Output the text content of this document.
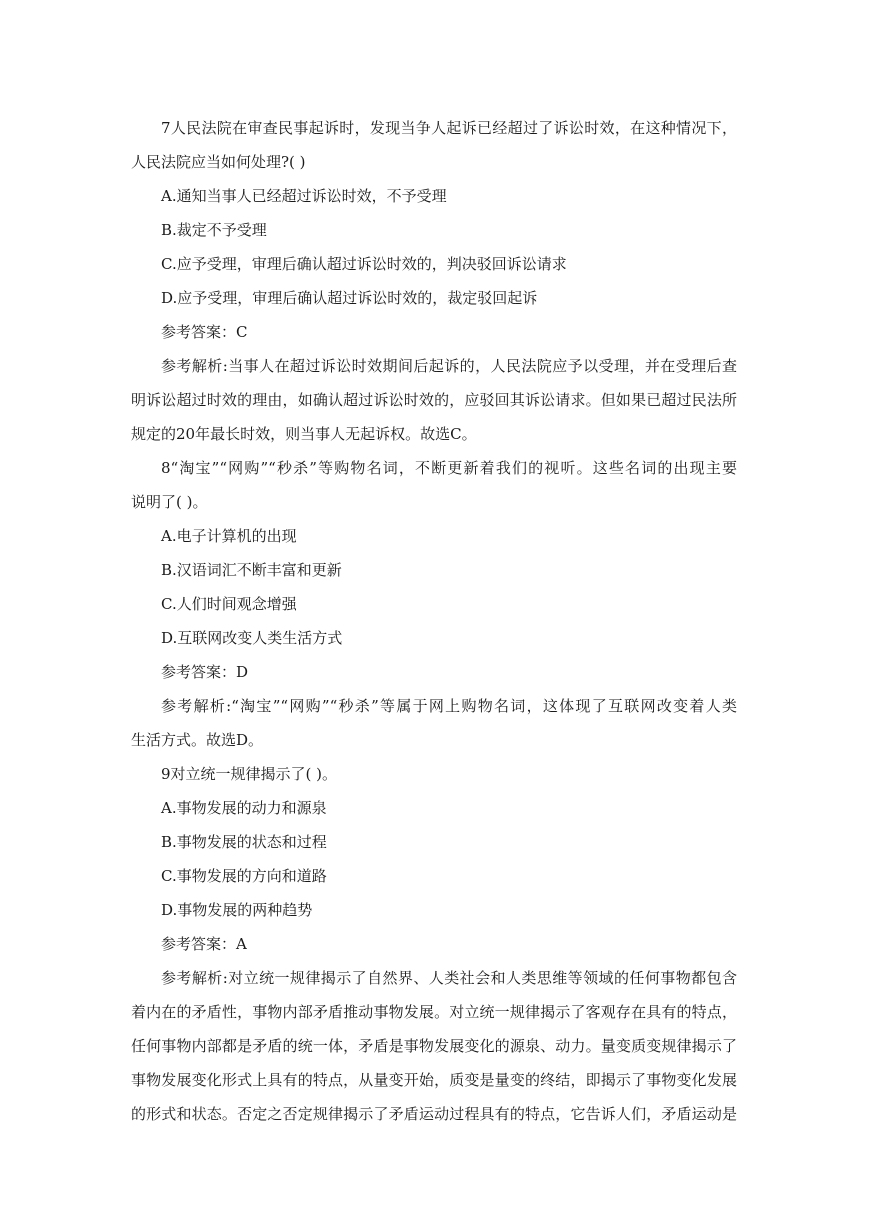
7人民法院在审查民事起诉时，发现当争人起诉已经超过了诉讼时效，在这种情况下，

人民法院应当如何处理?( )

A.通知当事人已经超过诉讼时效，不予受理

B.裁定不予受理

C.应予受理，审理后确认超过诉讼时效的，判决驳回诉讼请求

D.应予受理，审理后确认超过诉讼时效的，裁定驳回起诉

参考答案：C

参考解析:当事人在超过诉讼时效期间后起诉的，人民法院应予以受理，并在受理后查

明诉讼超过时效的理由，如确认超过诉讼时效的，应驳回其诉讼请求。但如果已超过民法所

规定的20年最长时效，则当事人无起诉权。故选C。

8“淘宝”“网购”“秒杀”等购物名词，不断更新着我们的视听。这些名词的出现主要

说明了( )。

A.电子计算机的出现

B.汉语词汇不断丰富和更新

C.人们时间观念增强

D.互联网改变人类生活方式

参考答案：D

参考解析:“淘宝”“网购”“秒杀”等属于网上购物名词，这体现了互联网改变着人类

生活方式。故选D。

9对立统一规律揭示了( )。

A.事物发展的动力和源泉

B.事物发展的状态和过程

C.事物发展的方向和道路

D.事物发展的两种趋势

参考答案：A

参考解析:对立统一规律揭示了自然界、人类社会和人类思维等领域的任何事物都包含

着内在的矛盾性，事物内部矛盾推动事物发展。对立统一规律揭示了客观存在具有的特点，

任何事物内部都是矛盾的统一体，矛盾是事物发展变化的源泉、动力。量变质变规律揭示了

事物发展变化形式上具有的特点，从量变开始，质变是量变的终结，即揭示了事物变化发展

的形式和状态。否定之否定规律揭示了矛盾运动过程具有的特点，它告诉人们，矛盾运动是
